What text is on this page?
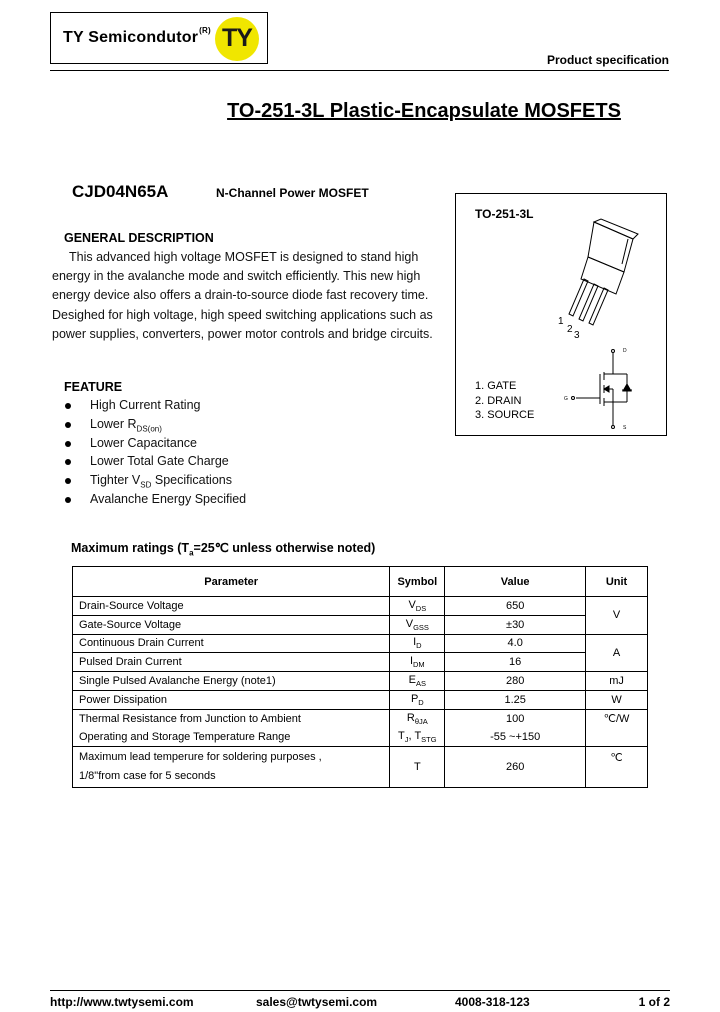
TY Semicondutor$^{(R)}$ TY
Product specification
TO-251-3L Plastic-Encapsulate MOSFETS
CJD04N65A	N-Channel Power MOSFET
TO-251-3L
1
2
3
D
G
S
1. GATE
2. DRAIN
3. SOURCE
GENERAL DESCRIPTION
This advanced high voltage MOSFET is designed to stand high energy in the avalanche mode and switch efficiently. This new high energy device also offers a drain-to-source diode fast recovery time. Desighed for high voltage, high speed switching applications such as power supplies, converters, power motor controls and bridge circuits.
FEATURE
High Current Rating
Lower $R_{DS(on)}$
Lower Capacitance
Lower Total Gate Charge
Tighter $V_{SD}$ Specifications
Avalanche Energy Specified
Maximum ratings ($T_a=25℃$ unless otherwise noted)
Parameter	Symbol	Value	Unit
Drain-Source Voltage	$V_{DS}$	650	V
Gate-Source Voltage	$V_{GSS}$	±30	
Continuous Drain Current	$I_D$	4.0	A
Pulsed Drain Current	$I_{DM}$	16	
Single Pulsed Avalanche Energy (note1)	$E_{AS}$	280	mJ
Power Dissipation	$P_D$	1.25	W
Thermal Resistance from Junction to Ambient	$R_{\theta JA}$	100	℃/W
Operating and Storage Temperature Range	$T_J$, $T_{STG}$	-55 ~+150	

Maximum lead temperure for soldering purposes ,
1/8"from case for 5 seconds	T	260	℃
http://www.twtysemi.com	sales@twtysemi.com	4008-318-123	1 of 2
